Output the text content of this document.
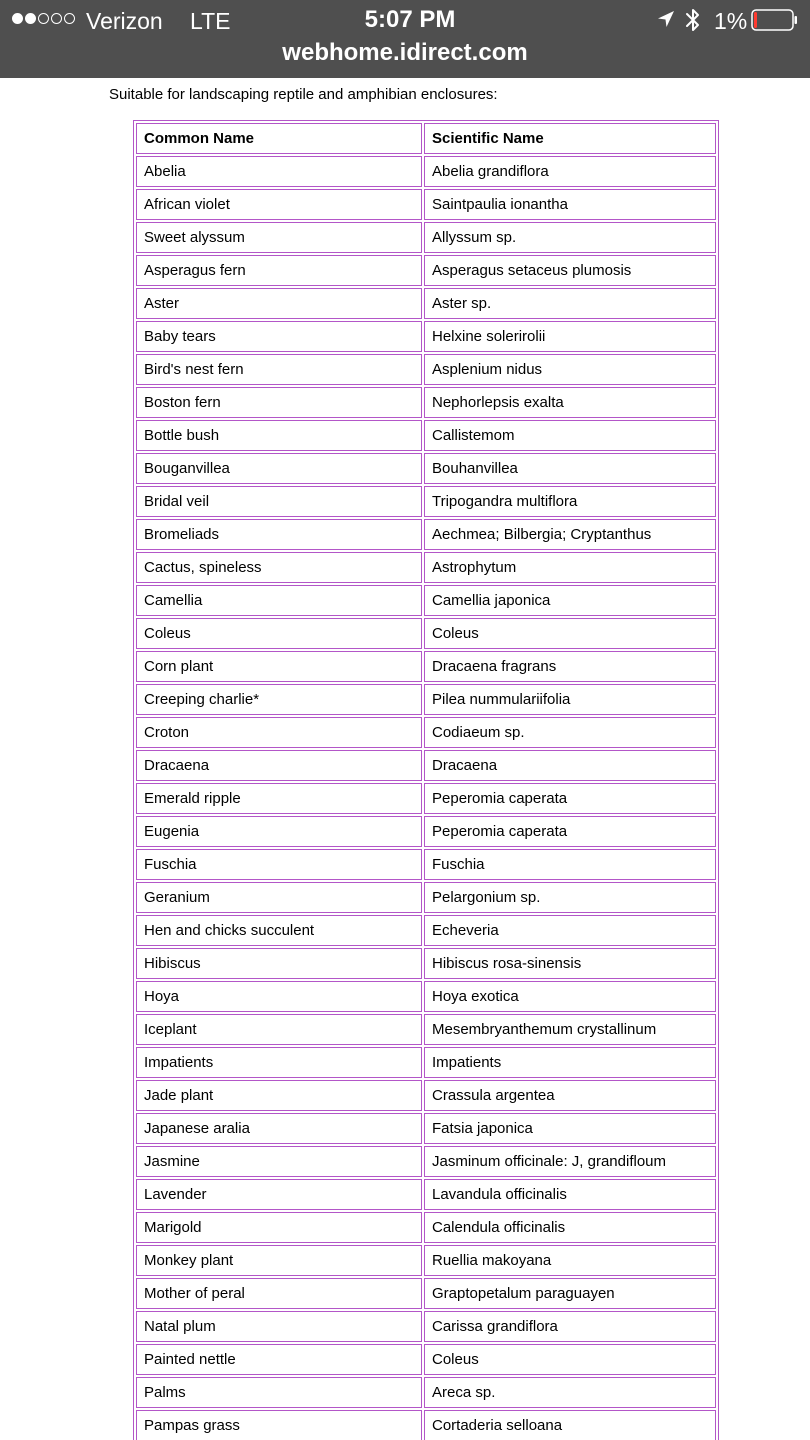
Verizon LTE	5:07 PM	1%
webhome.idirect.com
Suitable for landscaping reptile and amphibian enclosures:
Common Name	Scientific Name
Abelia	Abelia grandiflora
African violet	Saintpaulia ionantha
Sweet alyssum	Allyssum sp.
Asperagus fern	Asperagus setaceus plumosis
Aster	Aster sp.
Baby tears	Helxine solerirolii
Bird's nest fern	Asplenium nidus
Boston fern	Nephorlepsis exalta
Bottle bush	Callistemom
Bouganvillea	Bouhanvillea
Bridal veil	Tripogandra multiflora
Bromeliads	Aechmea; Bilbergia; Cryptanthus
Cactus, spineless	Astrophytum
Camellia	Camellia japonica
Coleus	Coleus
Corn plant	Dracaena fragrans
Creeping charlie*	Pilea nummulariifolia
Croton	Codiaeum sp.
Dracaena	Dracaena
Emerald ripple	Peperomia caperata
Eugenia	Peperomia caperata
Fuschia	Fuschia
Geranium	Pelargonium sp.
Hen and chicks succulent	Echeveria
Hibiscus	Hibiscus rosa-sinensis
Hoya	Hoya exotica
Iceplant	Mesembryanthemum crystallinum
Impatients	Impatients
Jade plant	Crassula argentea
Japanese aralia	Fatsia japonica
Jasmine	Jasminum officinale: J, grandifloum
Lavender	Lavandula officinalis
Marigold	Calendula officinalis
Monkey plant	Ruellia makoyana
Mother of peral	Graptopetalum paraguayen
Natal plum	Carissa grandiflora
Painted nettle	Coleus
Palms	Areca sp.
Pampas grass	Cortaderia selloana
